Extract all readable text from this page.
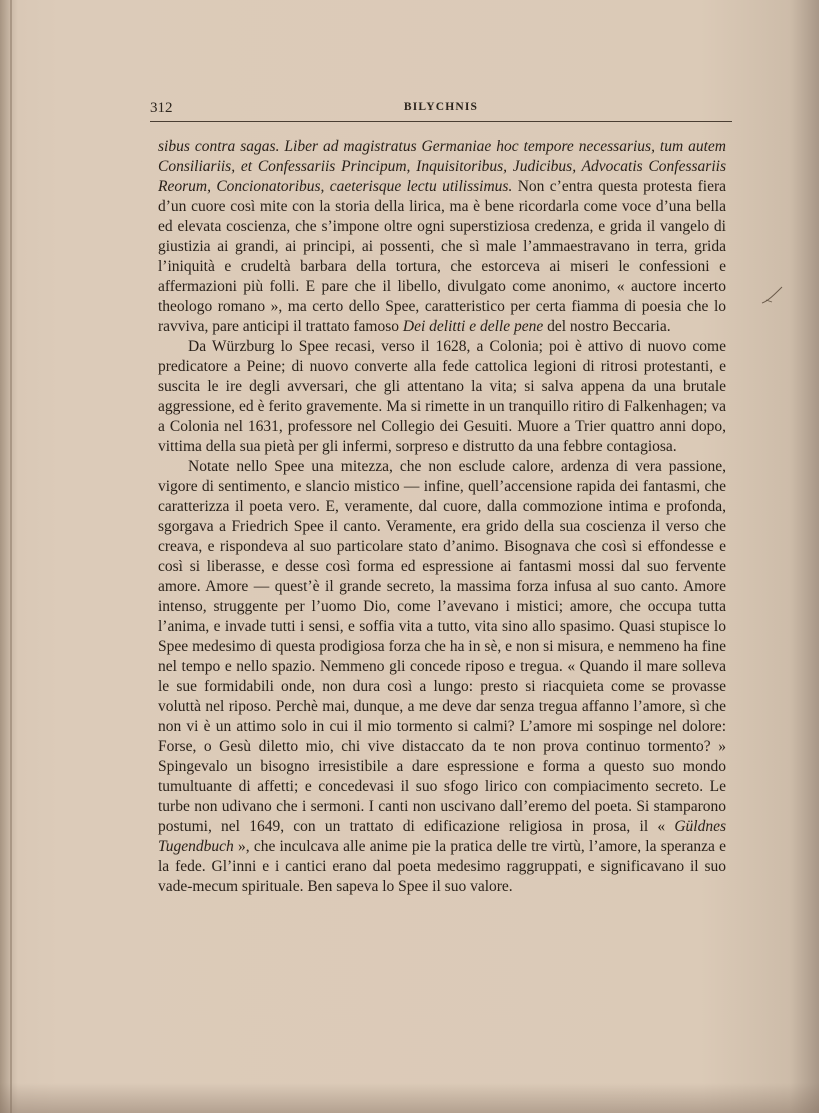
312	BILYCHNIS

sibus contra sagas. Liber ad magistratus Germaniae hoc tempore necessarius, tum autem Consiliariis, et Confessariis Principum, Inquisitoribus, Judicibus, Advocatis Confessariis Reorum, Concionatoribus, caeterisque lectu utilissimus. Non c’entra questa protesta fiera d’un cuore così mite con la storia della lirica, ma è bene ricordarla come voce d’una bella ed elevata coscienza, che s’impone oltre ogni superstiziosa credenza, e grida il vangelo di giustizia ai grandi, ai principi, ai possenti, che sì male l’ammaestravano in terra, grida l’iniquità e crudeltà barbara della tortura, che estorceva ai miseri le confessioni e affermazioni più folli. E pare che il libello, divulgato come anonimo, « auctore incerto theologo romano », ma certo dello Spee, caratteristico per certa fiamma di poesia che lo ravviva, pare anticipi il trattato famoso Dei delitti e delle pene del nostro Beccaria.

Da Würzburg lo Spee recasi, verso il 1628, a Colonia; poi è attivo di nuovo come predicatore a Peine; di nuovo converte alla fede cattolica legioni di ritrosi protestanti, e suscita le ire degli avversari, che gli attentano la vita; si salva appena da una brutale aggressione, ed è ferito gravemente. Ma si rimette in un tranquillo ritiro di Falkenhagen; va a Colonia nel 1631, professore nel Collegio dei Gesuiti. Muore a Trier quattro anni dopo, vittima della sua pietà per gli infermi, sorpreso e distrutto da una febbre contagiosa.

Notate nello Spee una mitezza, che non esclude calore, ardenza di vera passione, vigore di sentimento, e slancio mistico — infine, quell’accensione rapida dei fantasmi, che caratterizza il poeta vero. E, veramente, dal cuore, dalla commozione intima e profonda, sgorgava a Friedrich Spee il canto. Veramente, era grido della sua coscienza il verso che creava, e rispondeva al suo particolare stato d’animo. Bisognava che così si effondesse e così si liberasse, e desse così forma ed espressione ai fantasmi mossi dal suo fervente amore. Amore — quest’è il grande secreto, la massima forza infusa al suo canto. Amore intenso, struggente per l’uomo Dio, come l’avevano i mistici; amore, che occupa tutta l’anima, e invade tutti i sensi, e soffia vita a tutto, vita sino allo spasimo. Quasi stupisce lo Spee medesimo di questa prodigiosa forza che ha in sè, e non si misura, e nemmeno ha fine nel tempo e nello spazio. Nemmeno gli concede riposo e tregua. « Quando il mare solleva le sue formidabili onde, non dura così a lungo: presto si riacquieta come se provasse voluttà nel riposo. Perchè mai, dunque, a me deve dar senza tregua affanno l’amore, sì che non vi è un attimo solo in cui il mio tormento si calmi? L’amore mi sospinge nel dolore: Forse, o Gesù diletto mio, chi vive distaccato da te non prova continuo tormento? » Spingevalo un bisogno irresistibile a dare espressione e forma a questo suo mondo tumultuante di affetti; e concedevasi il suo sfogo lirico con compiacimento secreto. Le turbe non udivano che i sermoni. I canti non uscivano dall’eremo del poeta. Si stamparono postumi, nel 1649, con un trattato di edificazione religiosa in prosa, il « Güldnes Tugendbuch », che inculcava alle anime pie la pratica delle tre virtù, l’amore, la speranza e la fede. Gl’inni e i cantici erano dal poeta medesimo raggruppati, e significavano il suo vade-mecum spirituale. Ben sapeva lo Spee il suo valore.
